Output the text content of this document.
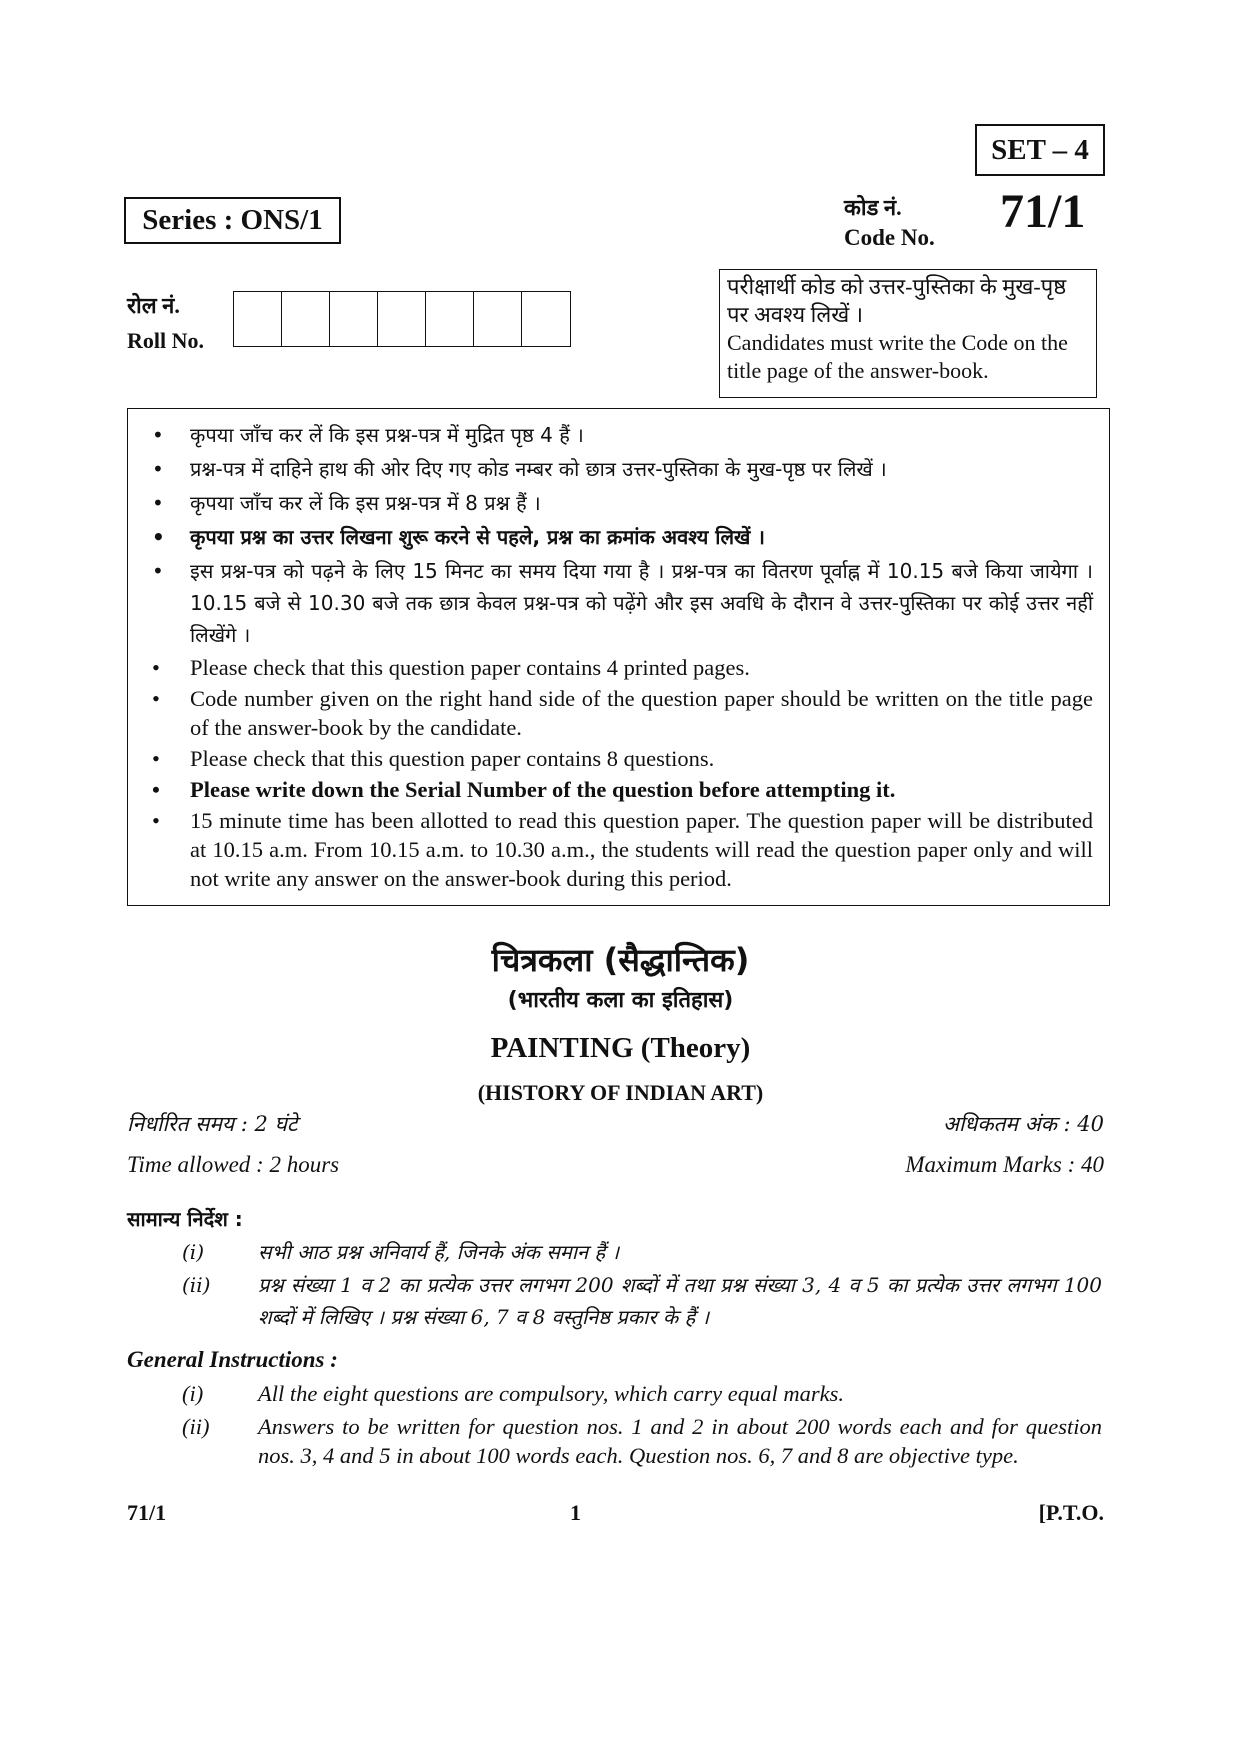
SET – 4
Series : ONS/1	कोड नं.
Code No. 71/1
रोल नं.
Roll No.

परीक्षार्थी कोड को उत्तर-पुस्तिका के मुख-पृष्ठ पर अवश्य लिखें ।

Candidates must write the Code on the title page of the answer-book.

• कृपया जाँच कर लें कि इस प्रश्न-पत्र में मुद्रित पृष्ठ 4 हैं ।
• प्रश्न-पत्र में दाहिने हाथ की ओर दिए गए कोड नम्बर को छात्र उत्तर-पुस्तिका के मुख-पृष्ठ पर लिखें ।
• कृपया जाँच कर लें कि इस प्रश्न-पत्र में 8 प्रश्न हैं ।
• कृपया प्रश्न का उत्तर लिखना शुरू करने से पहले, प्रश्न का क्रमांक अवश्य लिखें ।
• इस प्रश्न-पत्र को पढ़ने के लिए 15 मिनट का समय दिया गया है । प्रश्न-पत्र का वितरण पूर्वाह्न में 10.15 बजे किया जायेगा । 10.15 बजे से 10.30 बजे तक छात्र केवल प्रश्न-पत्र को पढ़ेंगे और इस अवधि के दौरान वे उत्तर-पुस्तिका पर कोई उत्तर नहीं लिखेंगे ।
• Please check that this question paper contains 4 printed pages.
• Code number given on the right hand side of the question paper should be written on the title page of the answer-book by the candidate.
• Please check that this question paper contains 8 questions.
• Please write down the Serial Number of the question before attempting it.
• 15 minute time has been allotted to read this question paper. The question paper will be distributed at 10.15 a.m. From 10.15 a.m. to 10.30 a.m., the students will read the question paper only and will not write any answer on the answer-book during this period.
चित्रकला (सैद्धान्तिक)
(भारतीय कला का इतिहास)
PAINTING (Theory)
(HISTORY OF INDIAN ART)
निर्धारित समय : 2 घंटे	अधिकतम अंक : 40
Time allowed : 2 hours	Maximum Marks : 40
सामान्य निर्देश :
(i)	सभी आठ प्रश्न अनिवार्य हैं, जिनके अंक समान हैं ।
(ii) प्रश्न संख्या 1 व 2 का प्रत्येक उत्तर लगभग 200 शब्दों में तथा प्रश्न संख्या 3, 4 व 5 का प्रत्येक उत्तर लगभग 100 शब्दों में लिखिए । प्रश्न संख्या 6, 7 व 8 वस्तुनिष्ठ प्रकार के हैं ।
General Instructions :
(i) All the eight questions are compulsory, which carry equal marks.
(ii) Answers to be written for question nos. 1 and 2 in about 200 words each and for question nos. 3, 4 and 5 in about 100 words each. Question nos. 6, 7 and 8 are objective type.
71/1	1	[P.T.O.
